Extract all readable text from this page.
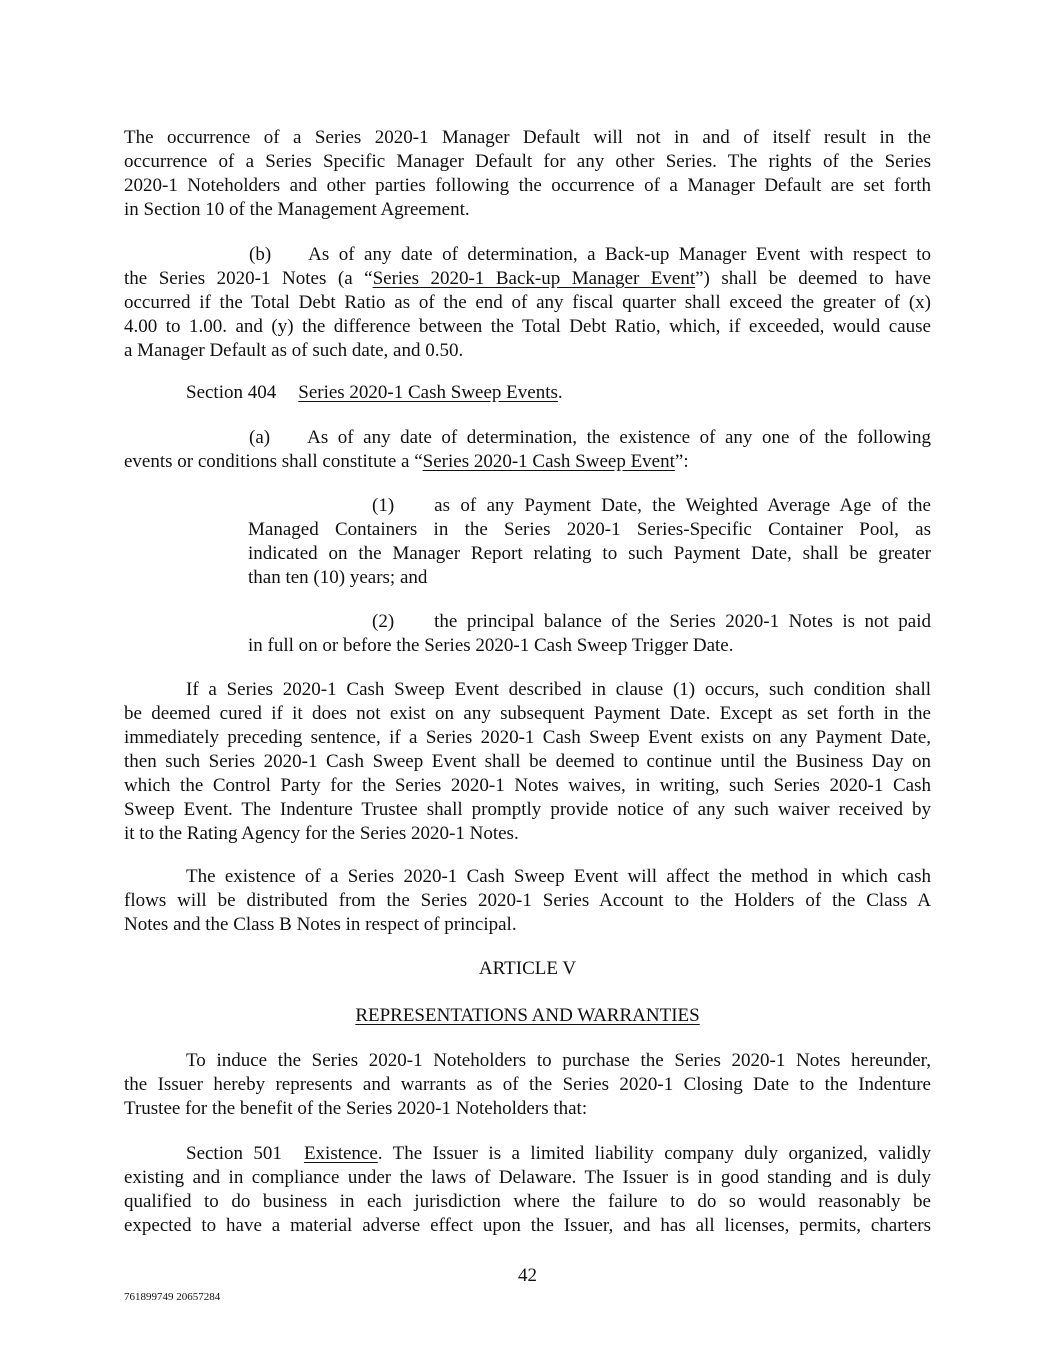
The occurrence of a Series 2020-1 Manager Default will not in and of itself result in the
occurrence of a Series Specific Manager Default for any other Series. The rights of the Series
2020-1 Noteholders and other parties following the occurrence of a Manager Default are set forth
in Section 10 of the Management Agreement.
(b) As of any date of determination, a Back-up Manager Event with respect to
the Series 2020-1 Notes (a “Series 2020-1 Back-up Manager Event”) shall be deemed to have
occurred if the Total Debt Ratio as of the end of any fiscal quarter shall exceed the greater of (x)
4.00 to 1.00. and (y) the difference between the Total Debt Ratio, which, if exceeded, would cause
a Manager Default as of such date, and 0.50.
Section 404 Series 2020-1 Cash Sweep Events.
(a) As of any date of determination, the existence of any one of the following
events or conditions shall constitute a “Series 2020-1 Cash Sweep Event”:
(1) as of any Payment Date, the Weighted Average Age of the
Managed Containers in the Series 2020-1 Series-Specific Container Pool, as
indicated on the Manager Report relating to such Payment Date, shall be greater
than ten (10) years; and
(2) the principal balance of the Series 2020-1 Notes is not paid
in full on or before the Series 2020-1 Cash Sweep Trigger Date.
If a Series 2020-1 Cash Sweep Event described in clause (1) occurs, such condition shall
be deemed cured if it does not exist on any subsequent Payment Date. Except as set forth in the
immediately preceding sentence, if a Series 2020-1 Cash Sweep Event exists on any Payment Date,
then such Series 2020-1 Cash Sweep Event shall be deemed to continue until the Business Day on
which the Control Party for the Series 2020-1 Notes waives, in writing, such Series 2020-1 Cash
Sweep Event. The Indenture Trustee shall promptly provide notice of any such waiver received by
it to the Rating Agency for the Series 2020-1 Notes.
The existence of a Series 2020-1 Cash Sweep Event will affect the method in which cash
flows will be distributed from the Series 2020-1 Series Account to the Holders of the Class A
Notes and the Class B Notes in respect of principal.
ARTICLE V
REPRESENTATIONS AND WARRANTIES
To induce the Series 2020-1 Noteholders to purchase the Series 2020-1 Notes hereunder,
the Issuer hereby represents and warrants as of the Series 2020-1 Closing Date to the Indenture
Trustee for the benefit of the Series 2020-1 Noteholders that:
Section 501 Existence. The Issuer is a limited liability company duly organized, validly
existing and in compliance under the laws of Delaware. The Issuer is in good standing and is duly
qualified to do business in each jurisdiction where the failure to do so would reasonably be
expected to have a material adverse effect upon the Issuer, and has all licenses, permits, charters
42
761899749 20657284
